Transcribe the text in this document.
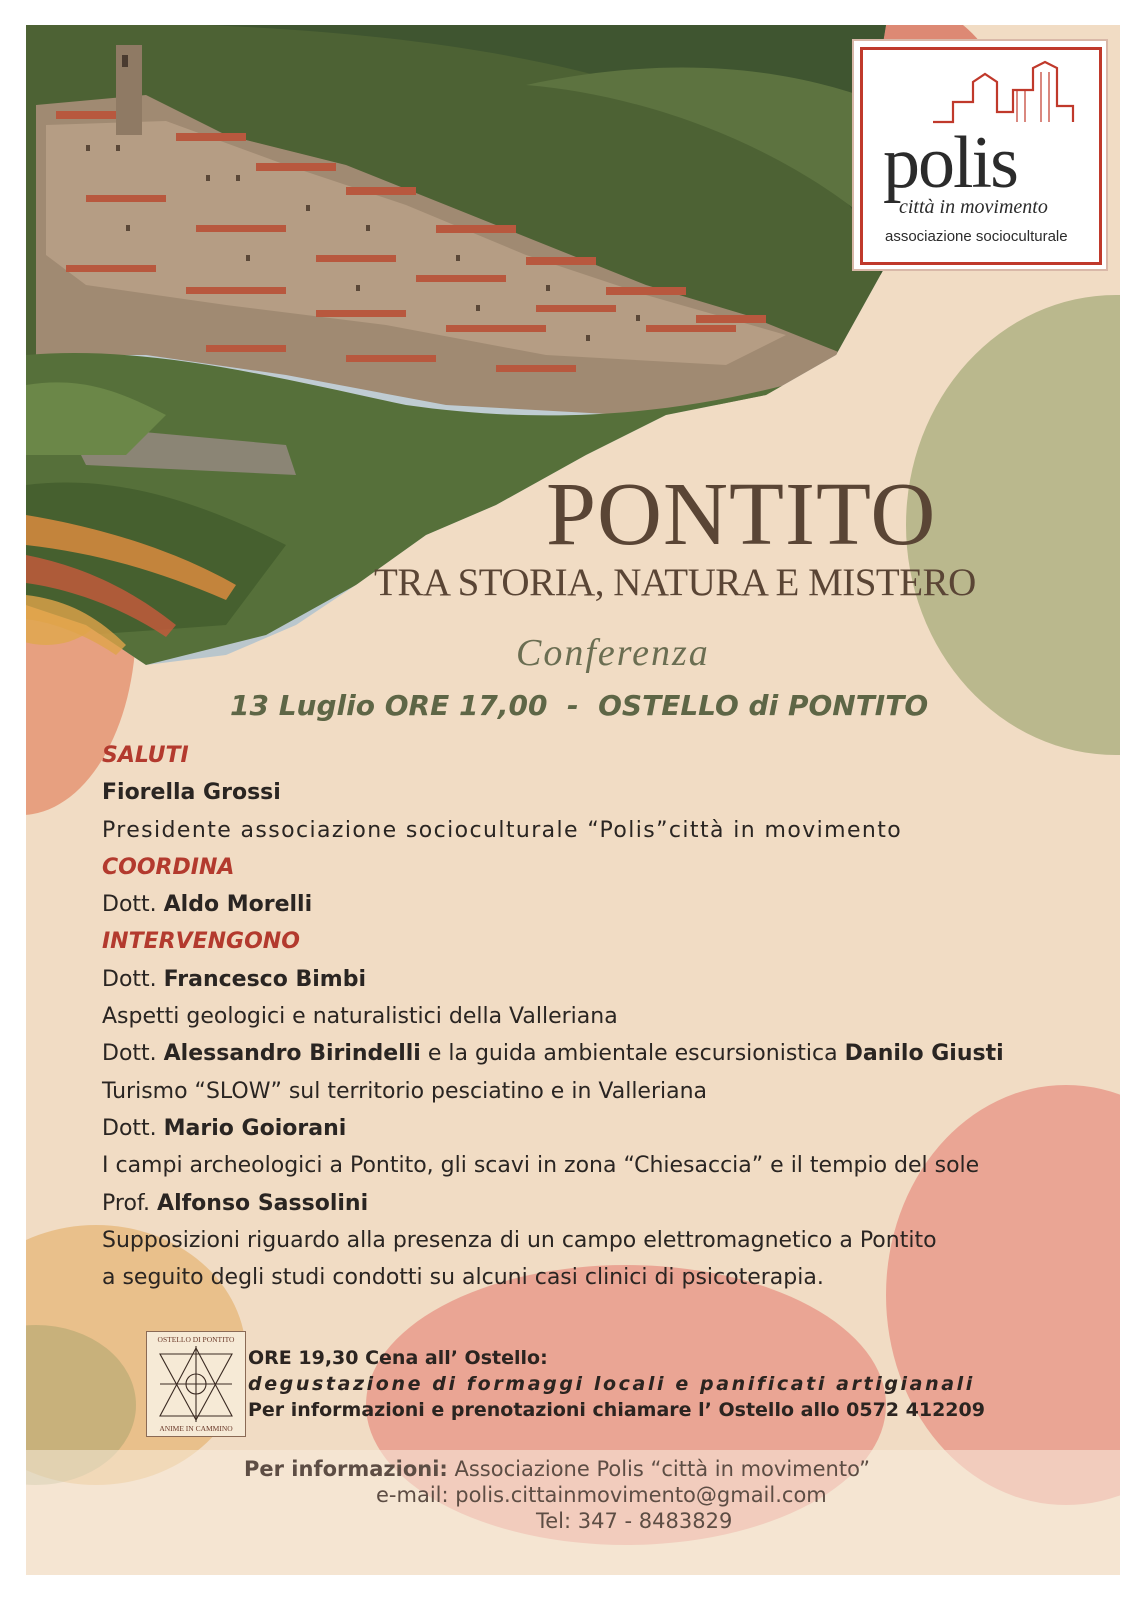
polis
città in movimento
associazione socioculturale
PONTITO
TRA STORIA, NATURA E MISTERO
Conferenza
13 Luglio ORE 17,00  -  OSTELLO di PONTITO
SALUTI
Fiorella Grossi
Presidente associazione socioculturale “Polis”città in movimento
COORDINA
Dott. Aldo Morelli
INTERVENGONO
Dott. Francesco Bimbi
Aspetti geologici e naturalistici della Valleriana
Dott. Alessandro Birindelli e la guida ambientale escursionistica Danilo Giusti
Turismo “SLOW” sul territorio pesciatino e in Valleriana
Dott. Mario Goiorani
I campi archeologici a Pontito, gli scavi in zona “Chiesaccia” e il tempio del sole
Prof. Alfonso Sassolini
Supposizioni riguardo alla presenza di un campo elettromagnetico a Pontito
a seguito degli studi condotti su alcuni casi clinici di psicoterapia.
OSTELLO DI PONTITO
ANIME IN CAMMINO
ORE 19,30 Cena all’ Ostello:
degustazione di formaggi locali e panificati artigianali
Per informazioni e prenotazioni chiamare l’ Ostello allo 0572 412209
Per informazioni: Associazione Polis “città in movimento”
e-mail: polis.cittainmovimento@gmail.com
Tel: 347 - 8483829
